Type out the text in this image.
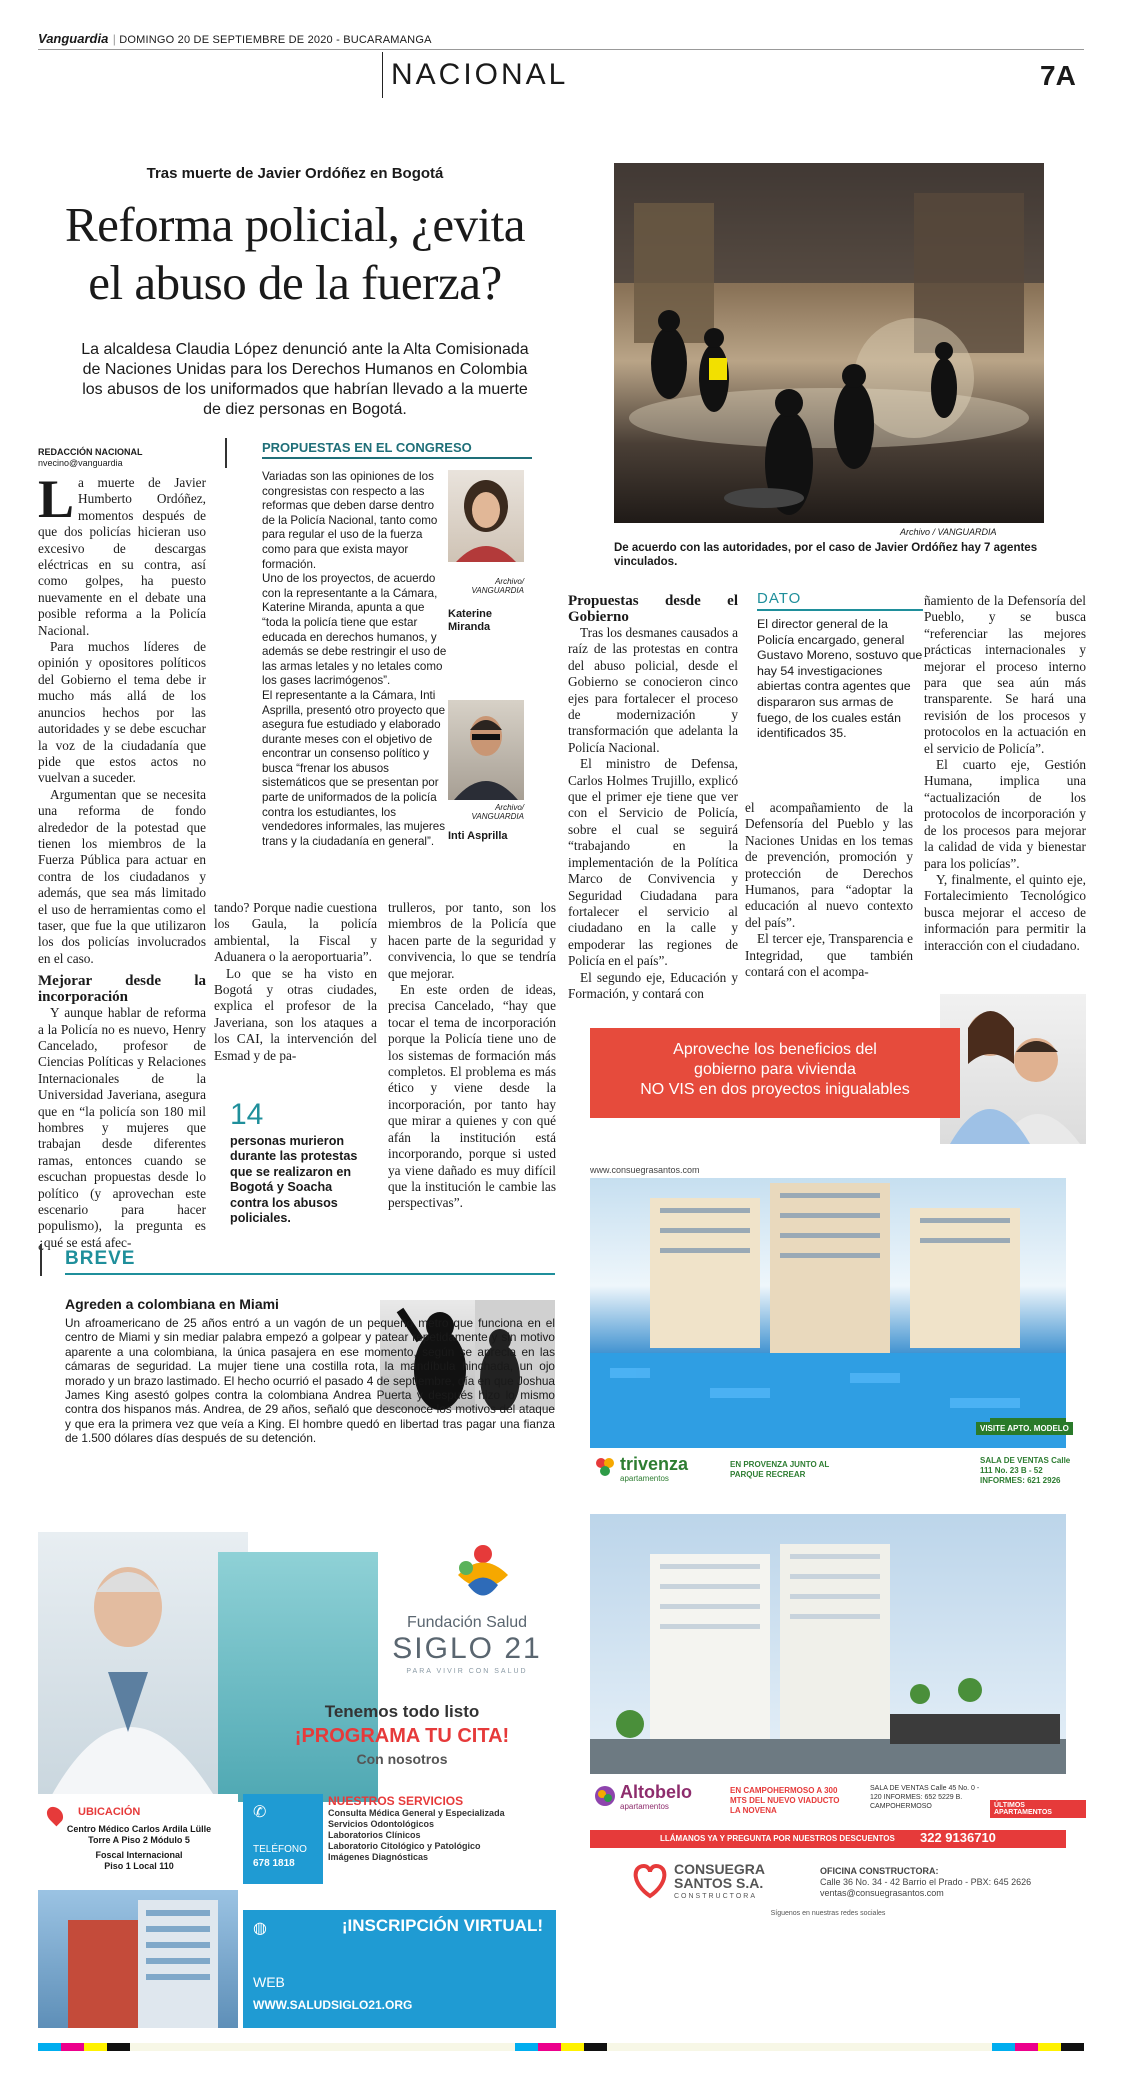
Vanguardia | DOMINGO 20 DE SEPTIEMBRE DE 2020 - BUCARAMANGA
NACIONAL	7A
Tras muerte de Javier Ordóñez en Bogotá
Reforma policial, ¿evita
el abuso de la fuerza?
La alcaldesa Claudia López denunció ante la Alta Comisionada de Naciones Unidas para los Derechos Humanos en Colombia los abusos de los uniformados que habrían llevado a la muerte de diez personas en Bogotá.
Archivo / VANGUARDIA
De acuerdo con las autoridades, por el caso de Javier Ordóñez hay 7 agentes vinculados.
REDACCIÓN NACIONAL
nvecino@vanguardia

La muerte de Javier Humberto Ordóñez, momentos después de que dos policías hicieran uso excesivo de descargas eléctricas en su contra, así como golpes, ha puesto nuevamente en el debate una posible reforma a la Policía Nacional.

Para muchos líderes de opinión y opositores políticos del Gobierno el tema debe ir mucho más allá de los anuncios hechos por las autoridades y se debe escuchar la voz de la ciudadanía que pide que estos actos no vuelvan a suceder.

Argumentan que se necesita una reforma de fondo alrededor de la potestad que tienen los miembros de la Fuerza Pública para actuar en contra de los ciudadanos y además, que sea más limitado el uso de herramientas como el taser, que fue la que utilizaron los dos policías involucrados en el caso.

Mejorar desde la incorporación

Y aunque hablar de reforma a la Policía no es nuevo, Henry Cancelado, profesor de Ciencias Políticas y Relaciones Internacionales de la Universidad Javeriana, asegura que en “la policía son 180 mil hombres y mujeres que trabajan desde diferentes ramas, entonces cuando se escuchan propuestas desde lo político (y aprovechan este escenario para hacer populismo), la pregunta es ¿qué se está afec-

PROPUESTAS EN EL CONGRESO

Variadas son las opiniones de los congresistas con respecto a las reformas que deben darse dentro de la Policía Nacional, tanto como para regular el uso de la fuerza como para que exista mayor formación.

Uno de los proyectos, de acuerdo con la representante a la Cámara, Katerine Miranda, apunta a que “toda la policía tiene que estar educada en derechos humanos, y además se debe restringir el uso de las armas letales y no letales como los gases lacrimógenos”.

El representante a la Cámara, Inti Asprilla, presentó otro proyecto que asegura fue estudiado y elaborado durante meses con el objetivo de encontrar un consenso político y busca “frenar los abusos sistemáticos que se presentan por parte de uniformados de la policía contra los estudiantes, los vendedores informales, las mujeres trans y la ciudadanía en general”.

Archivo/ VANGUARDIA
Katerine Miranda
Archivo/ VANGUARDIA
Inti Asprilla

tando? Porque nadie cuestiona los Gaula, la policía ambiental, la Fiscal y Aduanera o la aeroportuaria”.

Lo que se ha visto en Bogotá y otras ciudades, explica el profesor de la Javeriana, son los ataques a los CAI, la intervención del Esmad y de pa-

14
personas murieron durante las protestas que se realizaron en Bogotá y Soacha contra los abusos policiales.

trulleros, por tanto, son los miembros de la Policía que hacen parte de la seguridad y convivencia, lo que se tendría que mejorar.

En este orden de ideas, precisa Cancelado, “hay que tocar el tema de incorporación porque la Policía tiene uno de los sistemas de formación más completos. El problema es más ético y viene desde la incorporación, por tanto hay que mirar a quienes y con qué afán la institución está incorporando, porque si usted ya viene dañado es muy difícil que la institución le cambie las perspectivas”.

Propuestas desde el Gobierno

Tras los desmanes causados a raíz de las protestas en contra del abuso policial, desde el Gobierno se conocieron cinco ejes para fortalecer el proceso de modernización y transformación que adelanta la Policía Nacional.

El ministro de Defensa, Carlos Holmes Trujillo, explicó que el primer eje tiene que ver con el Servicio de Policía, sobre el cual se seguirá “trabajando en la implementación de la Política Marco de Convivencia y Seguridad Ciudadana para fortalecer el servicio al ciudadano en la calle y empoderar las regiones de Policía en el país”.

El segundo eje, Educación y Formación, y contará con

DATO
El director general de la Policía encargado, general Gustavo Moreno, sostuvo que hay 54 investigaciones abiertas contra agentes que dispararon sus armas de fuego, de los cuales están identificados 35.

el acompañamiento de la Defensoría del Pueblo y las Naciones Unidas en los temas de prevención, promoción y protección de Derechos Humanos, para “adoptar la educación al nuevo contexto del país”.

El tercer eje, Transparencia e Integridad, que también contará con el acompa-

ñamiento de la Defensoría del Pueblo, y se busca “referenciar las mejores prácticas internacionales y mejorar el proceso interno para que sea aún más transparente. Se hará una revisión de los procesos y protocolos en la actuación en el servicio de Policía”.

El cuarto eje, Gestión Humana, implica una “actualización de los protocolos de incorporación y de los procesos para mejorar la calidad de vida y bienestar para los policías”.

Y, finalmente, el quinto eje, Fortalecimiento Tecnológico busca mejorar el acceso de información para permitir la interacción con el ciudadano.

BREVE
Agreden a colombiana en Miami
Un afroamericano de 25 años entró a un vagón de un pequeño metro que funciona en el centro de Miami y sin mediar palabra empezó a golpear y patear repetidamente y sin motivo aparente a una colombiana, la única pasajera en ese momento, según se aprecia en las cámaras de seguridad. La mujer tiene una costilla rota, la mandíbula hinchada, un ojo morado y un brazo lastimado. El hecho ocurrió el pasado 4 de septiembre, día en que Joshua James King asestó golpes contra la colombiana Andrea Puerta y después hizo lo mismo contra dos hispanos más. Andrea, de 29 años, señaló que desconoce los motivos del ataque y que era la primera vez que veía a King. El hombre quedó en libertad tras pagar una fianza de 1.500 dólares días después de su detención.
Fundación Salud
SIGLO 21
PARA VIVIR CON SALUD
Tenemos todo listo
¡PROGRAMA TU CITA!
Con nosotros
UBICACIÓN
Centro Médico Carlos Ardila Lülle
Torre A Piso 2 Módulo 5
Foscal Internacional
Piso 1 Local 110
✆
TELÉFONO
678 1818
NUESTROS SERVICIOS
Consulta Médica General y Especializada
Servicios Odontológicos
Laboratorios Clínicos
Laboratorio Citológico y Patológico
Imágenes Diagnósticas
◍	¡INSCRIPCIÓN VIRTUAL!
WEB
WWW.SALUDSIGLO21.ORG
Aproveche los beneficios del gobierno para vivienda
NO VIS en dos proyectos inigualables
www.consuegrasantos.com
VISITE APTO. MODELO
trivenza
apartamentos
EN PROVENZA JUNTO AL PARQUE RECREAR
SALA DE VENTAS Calle 111 No. 23 B - 52 INFORMES: 621 2926
Altobelo
apartamentos
EN CAMPOHERMOSO A 300 MTS DEL NUEVO VIADUCTO LA NOVENA
SALA DE VENTAS Calle 45 No. 0 - 120 INFORMES: 652 5229 B. CAMPOHERMOSO	ÚLTIMOS APARTAMENTOS
LLÁMANOS YA Y PREGUNTA POR NUESTROS DESCUENTOS 322 9136710
CONSUEGRA
SANTOS S.A.
CONSTRUCTORA
OFICINA CONSTRUCTORA:
Calle 36 No. 34 - 42 Barrio el Prado - PBX: 645 2626
ventas@consuegrasantos.com
Síguenos en nuestras redes sociales
